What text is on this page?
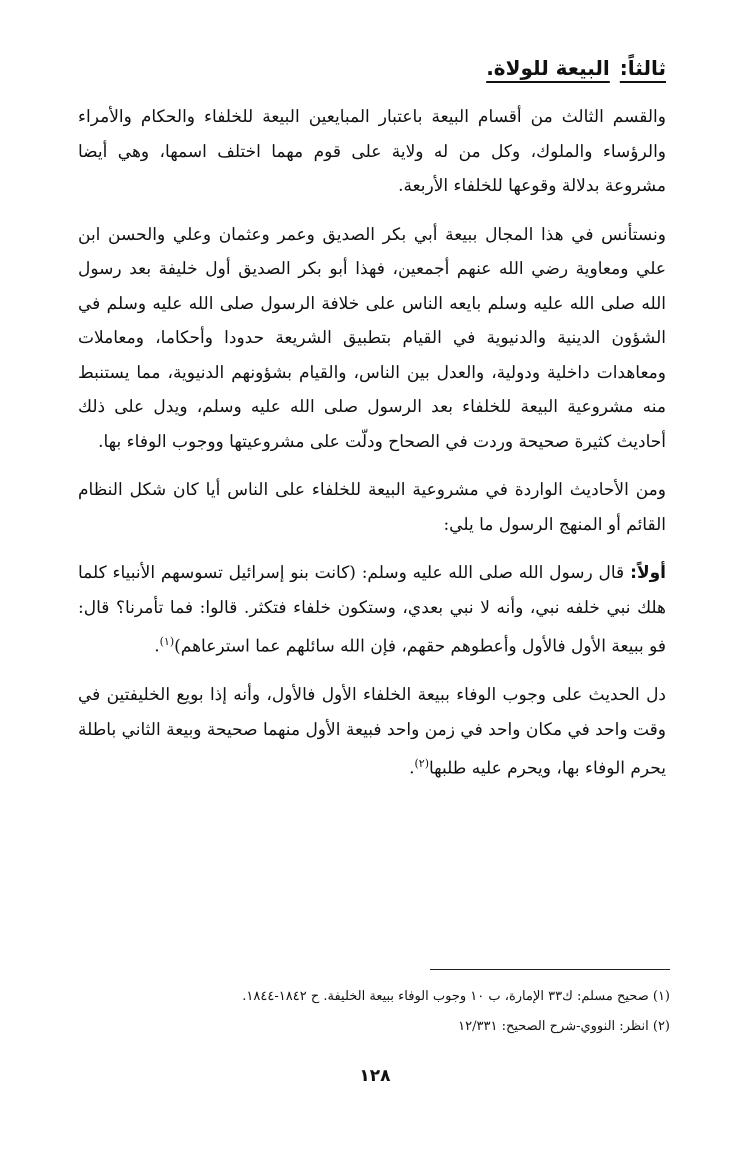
ثالثاً:البيعة للولاة.

والقسم الثالث من أقسام البيعة باعتبار المبايعين البيعة للخلفاء والحكام والأمراء والرؤساء والملوك، وكل من له ولاية على قوم مهما اختلف اسمها، وهي أيضا مشروعة بدلالة وقوعها للخلفاء الأربعة.

ونستأنس في هذا المجال ببيعة أبي بكر الصديق وعمر وعثمان وعلي والحسن ابن علي ومعاوية رضي الله عنهم أجمعين، فهذا أبو بكر الصديق أول خليفة بعد رسول الله صلى الله عليه وسلم بايعه الناس على خلافة الرسول صلى الله عليه وسلم في الشؤون الدينية والدنيوية في القيام بتطبيق الشريعة حدودا وأحكاما، ومعاملات ومعاهدات داخلية ودولية، والعدل بين الناس، والقيام بشؤونهم الدنيوية، مما يستنبط منه مشروعية البيعة للخلفاء بعد الرسول صلى الله عليه وسلم، ويدل على ذلك أحاديث كثيرة صحيحة وردت في الصحاح ودلّت على مشروعيتها ووجوب الوفاء بها.

ومن الأحاديث الواردة في مشروعية البيعة للخلفاء على الناس أيا كان شكل النظام القائم أو المنهج الرسول ما يلي:

أولاً:قال رسول الله صلى الله عليه وسلم: (كانت بنو إسرائيل تسوسهم الأنبياء كلما هلك نبي خلفه نبي، وأنه لا نبي بعدي، وستكون خلفاء فتكثر. قالوا: فما تأمرنا؟ قال: فو ببيعة الأول فالأول وأعطوهم حقهم، فإن الله سائلهم عما استرعاهم)$^{(١)}$.

دل الحديث على وجوب الوفاء ببيعة الخلفاء الأول فالأول، وأنه إذا بويع الخليفتين في وقت واحد في مكان واحد في زمن واحد فبيعة الأول منهما صحيحة وبيعة الثاني باطلة يحرم الوفاء بها، ويحرم عليه طلبها$^{(٢)}$.

(١) صحيح مسلم: ك٣٣ الإمارة، ب ١٠ وجوب الوفاء ببيعة الخليفة. ح ١٨٤٢-١٨٤٤.

(٢) انظر: النووي-شرح الصحيح: ١٢/٣٣١

١٢٨
